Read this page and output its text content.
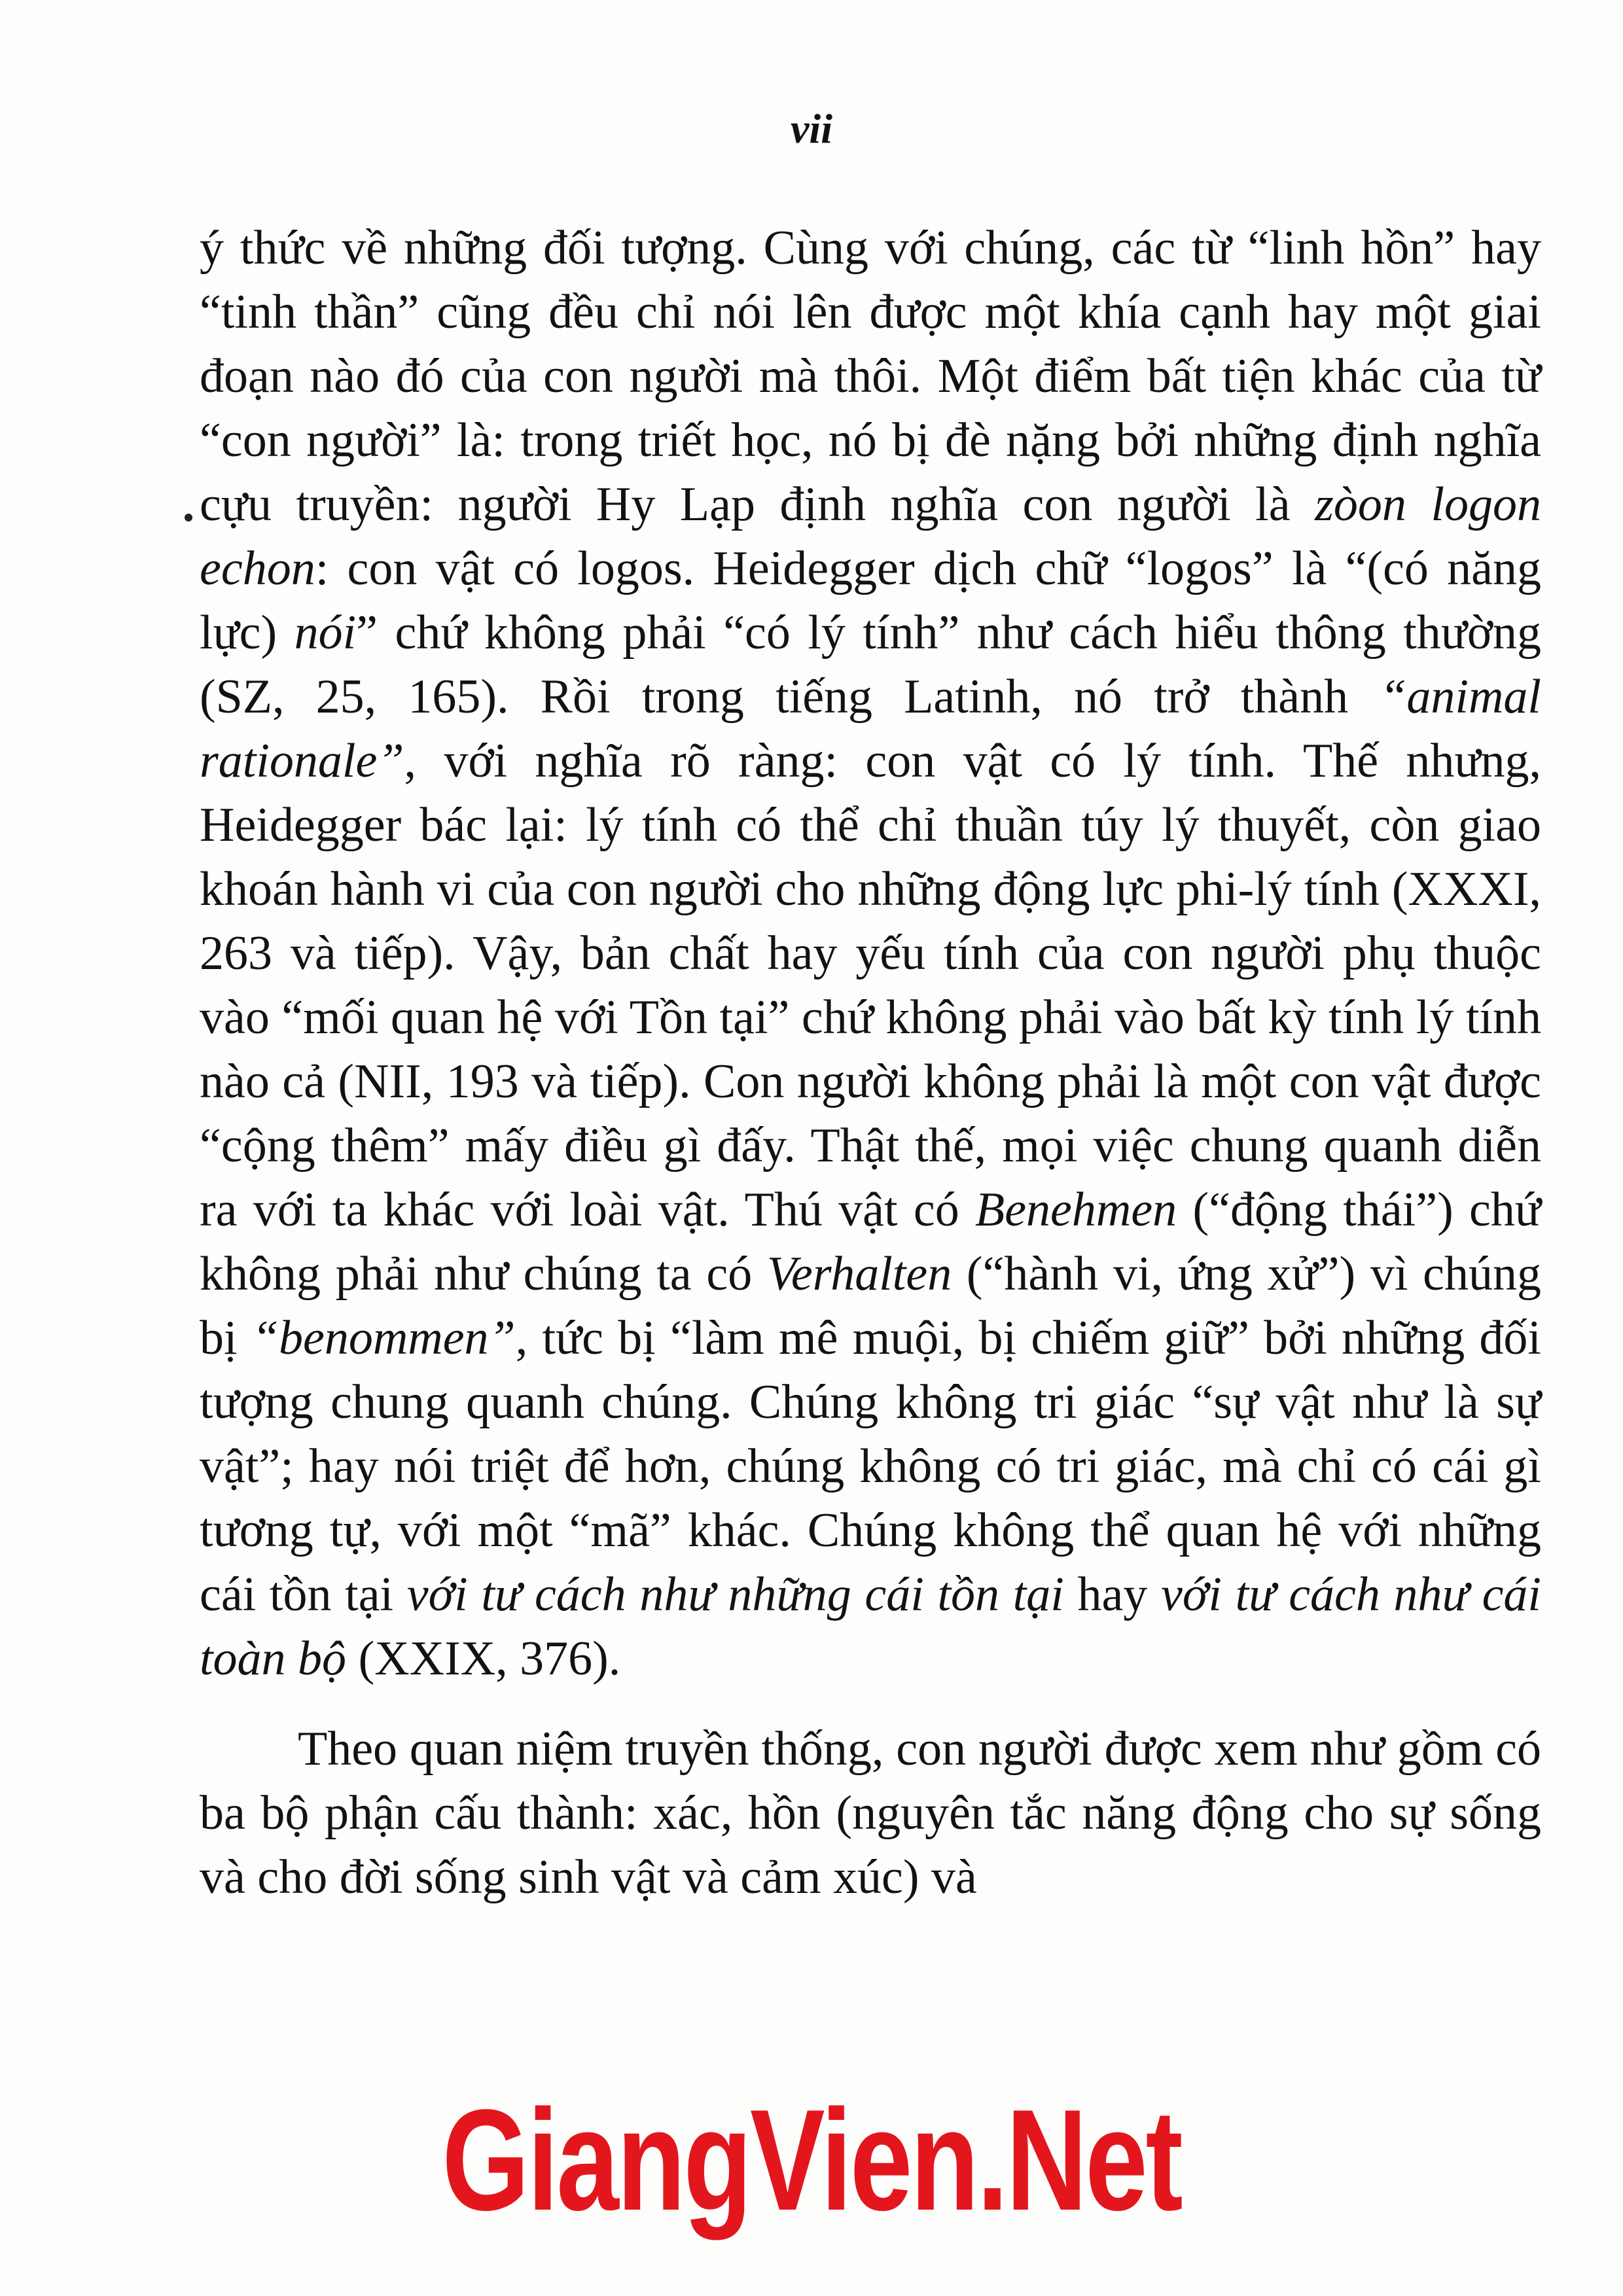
vii

ý thức về những đối tượng. Cùng với chúng, các từ “linh hồn” hay “tinh thần” cũng đều chỉ nói lên được một khía cạnh hay một giai đoạn nào đó của con người mà thôi. Một điểm bất tiện khác của từ “con người” là: trong triết học, nó bị đè nặng bởi những định nghĩa cựu truyền: người Hy Lạp định nghĩa con người là zòon logon echon: con vật có logos. Heidegger dịch chữ “logos” là “(có năng lực) nói” chứ không phải “có lý tính” như cách hiểu thông thường (SZ, 25, 165). Rồi trong tiếng Latinh, nó trở thành “animal rationale”, với nghĩa rõ ràng: con vật có lý tính. Thế nhưng, Heidegger bác lại: lý tính có thể chỉ thuần túy lý thuyết, còn giao khoán hành vi của con người cho những động lực phi-lý tính (XXXI, 263 và tiếp). Vậy, bản chất hay yếu tính của con người phụ thuộc vào “mối quan hệ với Tồn tại” chứ không phải vào bất kỳ tính lý tính nào cả (NII, 193 và tiếp). Con người không phải là một con vật được “cộng thêm” mấy điều gì đấy. Thật thế, mọi việc chung quanh diễn ra với ta khác với loài vật. Thú vật có Benehmen (“động thái”) chứ không phải như chúng ta có Verhalten (“hành vi, ứng xử”) vì chúng bị “benommen”, tức bị “làm mê muội, bị chiếm giữ” bởi những đối tượng chung quanh chúng. Chúng không tri giác “sự vật như là sự vật”; hay nói triệt để hơn, chúng không có tri giác, mà chỉ có cái gì tương tự, với một “mã” khác. Chúng không thể quan hệ với những cái tồn tại với tư cách như những cái tồn tại hay với tư cách như cái toàn bộ (XXIX, 376).

Theo quan niệm truyền thống, con người được xem như gồm có ba bộ phận cấu thành: xác, hồn (nguyên tắc năng động cho sự sống và cho đời sống sinh vật và cảm xúc) và

GiangVien.Net
